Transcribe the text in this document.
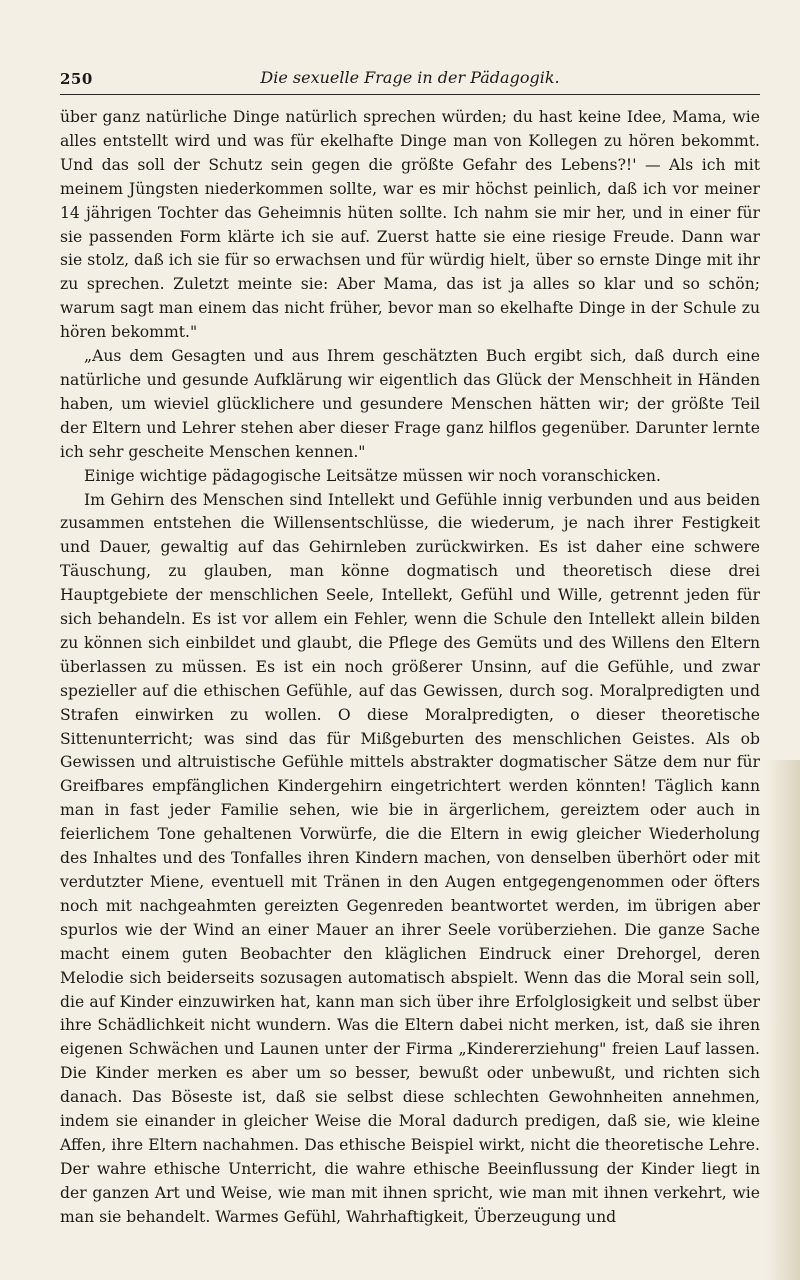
250	Die sexuelle Frage in der Pädagogik.

über ganz natürliche Dinge natürlich sprechen würden; du hast keine Idee, Mama, wie alles entstellt wird und was für ekelhafte Dinge man von Kollegen zu hören bekommt. Und das soll der Schutz sein gegen die größte Gefahr des Lebens?!' — Als ich mit meinem Jüngsten niederkommen sollte, war es mir höchst peinlich, daß ich vor meiner 14 jährigen Tochter das Geheimnis hüten sollte. Ich nahm sie mir her, und in einer für sie passenden Form klärte ich sie auf. Zuerst hatte sie eine riesige Freude. Dann war sie stolz, daß ich sie für so erwachsen und für würdig hielt, über so ernste Dinge mit ihr zu sprechen. Zuletzt meinte sie: Aber Mama, das ist ja alles so klar und so schön; warum sagt man einem das nicht früher, bevor man so ekelhafte Dinge in der Schule zu hören bekommt."

„Aus dem Gesagten und aus Ihrem geschätzten Buch ergibt sich, daß durch eine natürliche und gesunde Aufklärung wir eigentlich das Glück der Menschheit in Händen haben, um wieviel glücklichere und gesundere Menschen hätten wir; der größte Teil der Eltern und Lehrer stehen aber dieser Frage ganz hilflos gegenüber. Darunter lernte ich sehr gescheite Menschen kennen."

Einige wichtige pädagogische Leitsätze müssen wir noch voranschicken.

Im Gehirn des Menschen sind Intellekt und Gefühle innig verbunden und aus beiden zusammen entstehen die Willensentschlüsse, die wiederum, je nach ihrer Festigkeit und Dauer, gewaltig auf das Gehirnleben zurückwirken. Es ist daher eine schwere Täuschung, zu glauben, man könne dogmatisch und theoretisch diese drei Hauptgebiete der menschlichen Seele, Intellekt, Gefühl und Wille, getrennt jeden für sich behandeln. Es ist vor allem ein Fehler, wenn die Schule den Intellekt allein bilden zu können sich einbildet und glaubt, die Pflege des Gemüts und des Willens den Eltern überlassen zu müssen. Es ist ein noch größerer Unsinn, auf die Gefühle, und zwar spezieller auf die ethischen Gefühle, auf das Gewissen, durch sog. Moralpredigten und Strafen einwirken zu wollen. O diese Moralpredigten, o dieser theoretische Sittenunterricht; was sind das für Mißgeburten des menschlichen Geistes. Als ob Gewissen und altruistische Gefühle mittels abstrakter dogmatischer Sätze dem nur für Greifbares empfänglichen Kindergehirn eingetrichtert werden könnten! Täglich kann man in fast jeder Familie sehen, wie bie in ärgerlichem, gereiztem oder auch in feierlichem Tone gehaltenen Vorwürfe, die die Eltern in ewig gleicher Wiederholung des Inhaltes und des Tonfalles ihren Kindern machen, von denselben überhört oder mit verdutzter Miene, eventuell mit Tränen in den Augen entgegengenommen oder öfters noch mit nachgeahmten gereizten Gegenreden beantwortet werden, im übrigen aber spurlos wie der Wind an einer Mauer an ihrer Seele vorüberziehen. Die ganze Sache macht einem guten Beobachter den kläglichen Eindruck einer Drehorgel, deren Melodie sich beiderseits sozusagen automatisch abspielt. Wenn das die Moral sein soll, die auf Kinder einzuwirken hat, kann man sich über ihre Erfolglosigkeit und selbst über ihre Schädlichkeit nicht wundern. Was die Eltern dabei nicht merken, ist, daß sie ihren eigenen Schwächen und Launen unter der Firma „Kindererziehung" freien Lauf lassen. Die Kinder merken es aber um so besser, bewußt oder unbewußt, und richten sich danach. Das Böseste ist, daß sie selbst diese schlechten Gewohnheiten annehmen, indem sie einander in gleicher Weise die Moral dadurch predigen, daß sie, wie kleine Affen, ihre Eltern nachahmen. Das ethische Beispiel wirkt, nicht die theoretische Lehre. Der wahre ethische Unterricht, die wahre ethische Beeinflussung der Kinder liegt in der ganzen Art und Weise, wie man mit ihnen spricht, wie man mit ihnen verkehrt, wie man sie behandelt. Warmes Gefühl, Wahrhaftigkeit, Überzeugung und
